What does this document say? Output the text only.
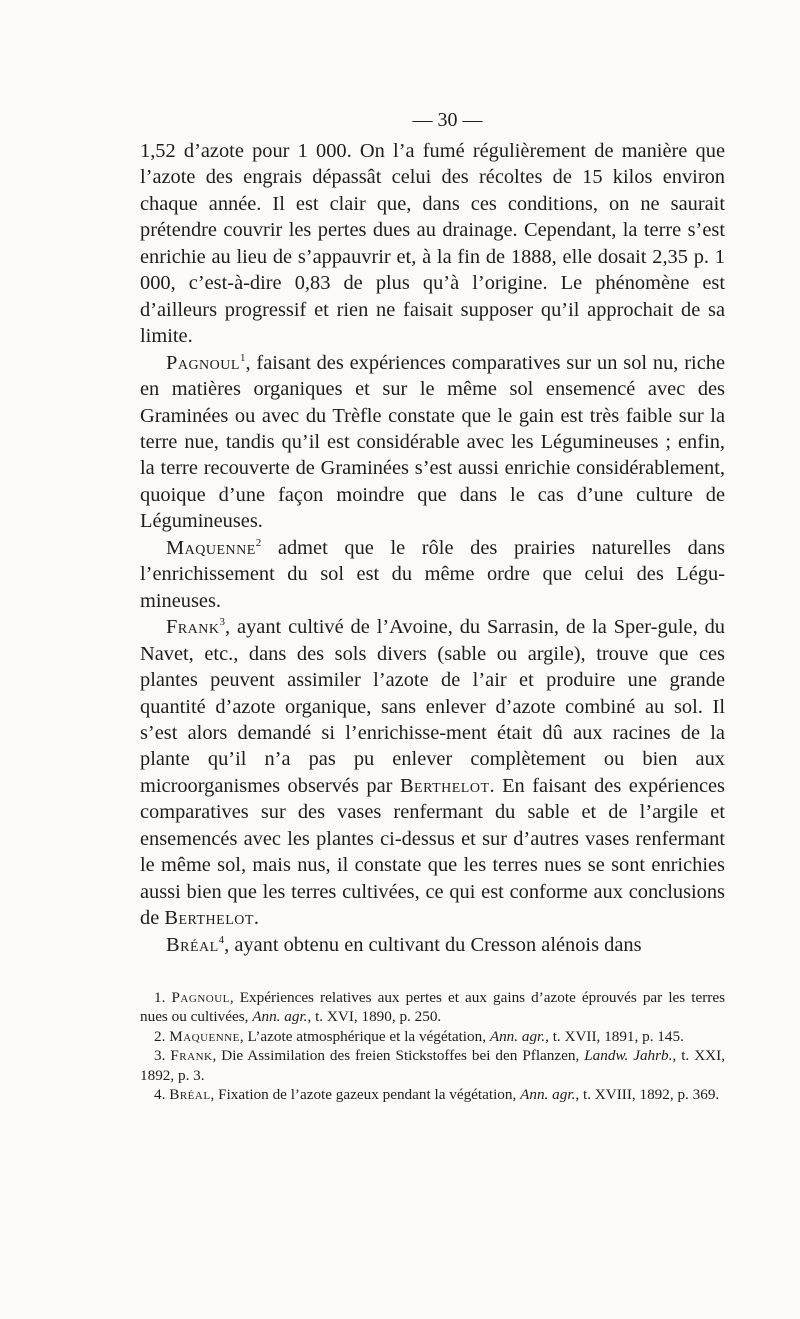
— 30 —

1,52 d’azote pour 1 000. On l’a fumé régulièrement de manière que l’azote des engrais dépassât celui des récoltes de 15 kilos environ chaque année. Il est clair que, dans ces conditions, on ne saurait prétendre couvrir les pertes dues au drainage. Cependant, la terre s’est enrichie au lieu de s’appauvrir et, à la fin de 1888, elle dosait 2,35 p. 1 000, c’est-à-dire 0,83 de plus qu’à l’origine. Le phénomène est d’ailleurs progressif et rien ne faisait supposer qu’il approchait de sa limite.

Pagnoul$^1$, faisant des expériences comparatives sur un sol nu, riche en matières organiques et sur le même sol ensemencé avec des Graminées ou avec du Trèfle constate que le gain est très faible sur la terre nue, tandis qu’il est considérable avec les Légumineuses ; enfin, la terre recouverte de Graminées s’est aussi enrichie considérablement, quoique d’une façon moindre que dans le cas d’une culture de Légumineuses.

Maquenne$^2$ admet que le rôle des prairies naturelles dans l’enrichissement du sol est du même ordre que celui des Légu-mineuses.

Frank$^3$, ayant cultivé de l’Avoine, du Sarrasin, de la Sper-gule, du Navet, etc., dans des sols divers (sable ou argile), trouve que ces plantes peuvent assimiler l’azote de l’air et produire une grande quantité d’azote organique, sans enlever d’azote combiné au sol. Il s’est alors demandé si l’enrichisse-ment était dû aux racines de la plante qu’il n’a pas pu enlever complètement ou bien aux microorganismes observés par Berthelot. En faisant des expériences comparatives sur des vases renfermant du sable et de l’argile et ensemencés avec les plantes ci-dessus et sur d’autres vases renfermant le même sol, mais nus, il constate que les terres nues se sont enrichies aussi bien que les terres cultivées, ce qui est conforme aux conclusions de Berthelot.

Bréal$^4$, ayant obtenu en cultivant du Cresson alénois dans

1. Pagnoul, Expériences relatives aux pertes et aux gains d’azote éprouvés par les terres nues ou cultivées, Ann. agr., t. XVI, 1890, p. 250.

2. Maquenne, L’azote atmosphérique et la végétation, Ann. agr., t. XVII, 1891, p. 145.

3. Frank, Die Assimilation des freien Stickstoffes bei den Pflanzen, Landw. Jahrb., t. XXI, 1892, p. 3.

4. Bréal, Fixation de l’azote gazeux pendant la végétation, Ann. agr., t. XVIII, 1892, p. 369.
